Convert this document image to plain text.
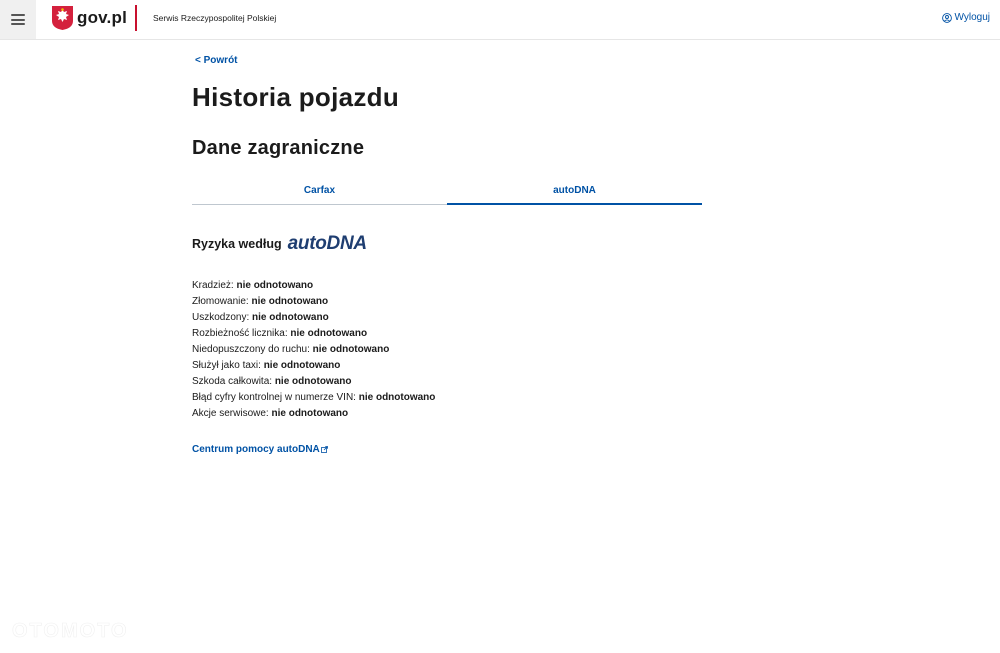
gov.pl	Serwis Rzeczypospolitej Polskiej	Wyloguj
< Powrót
Historia pojazdu
Dane zagraniczne
Carfax	autoDNA
Ryzyka według autoDNA
Kradzież: nie odnotowano
Złomowanie: nie odnotowano
Uszkodzony: nie odnotowano
Rozbieżność licznika: nie odnotowano
Niedopuszczony do ruchu: nie odnotowano
Służył jako taxi: nie odnotowano
Szkoda całkowita: nie odnotowano
Błąd cyfry kontrolnej w numerze VIN: nie odnotowano
Akcje serwisowe: nie odnotowano
Centrum pomocy autoDNA
OTOMOTO
